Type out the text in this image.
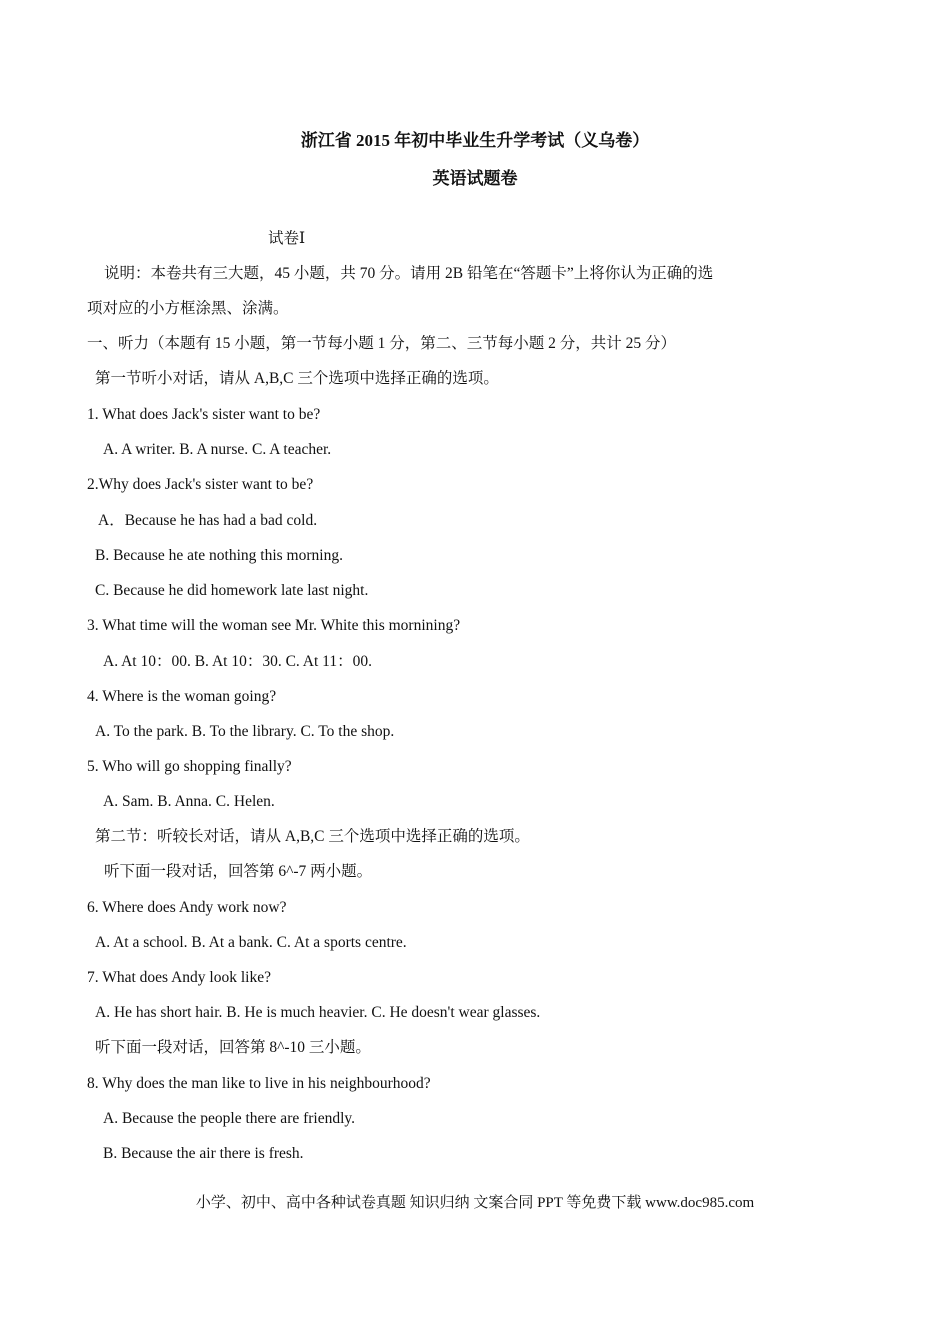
浙江省 2015 年初中毕业生升学考试（义乌卷）
英语试题卷
试卷Ⅰ
说明：本卷共有三大题，45 小题，共 70 分。请用 2B 铅笔在“答题卡”上将你认为正确的选
项对应的小方框涂黑、涂满。
一、听力（本题有 15 小题，第一节每小题 1 分，第二、三节每小题 2 分，共计 25 分）
第一节听小对话，请从 A,B,C 三个选项中选择正确的选项。
1. What does Jack's sister want to be?
A. A writer. B. A nurse. C. A teacher.
2.Why does Jack's sister want to be?
A．Because he has had a bad cold.
B. Because he ate nothing this morning.
C. Because he did homework late last night.
3. What time will the woman see Mr. White this mornining?
A. At 10：00. B. At 10：30. C. At 11：00.
4. Where is the woman going?
A. To the park. B. To the library. C. To the shop.
5. Who will go shopping finally?
A. Sam. B. Anna. C. Helen.
第二节：听较长对话，请从 A,B,C 三个选项中选择正确的选项。
听下面一段对话，回答第 6^-7 两小题。
6. Where does Andy work now?
A. At a school. B. At a bank. C. At a sports centre.
7. What does Andy look like?
A. He has short hair. B. He is much heavier. C. He doesn't wear glasses.
听下面一段对话，回答第 8^-10 三小题。
8. Why does the man like to live in his neighbourhood?
A. Because the people there are friendly.
B. Because the air there is fresh.
小学、初中、高中各种试卷真题 知识归纳 文案合同 PPT 等免费下载 www.doc985.com
